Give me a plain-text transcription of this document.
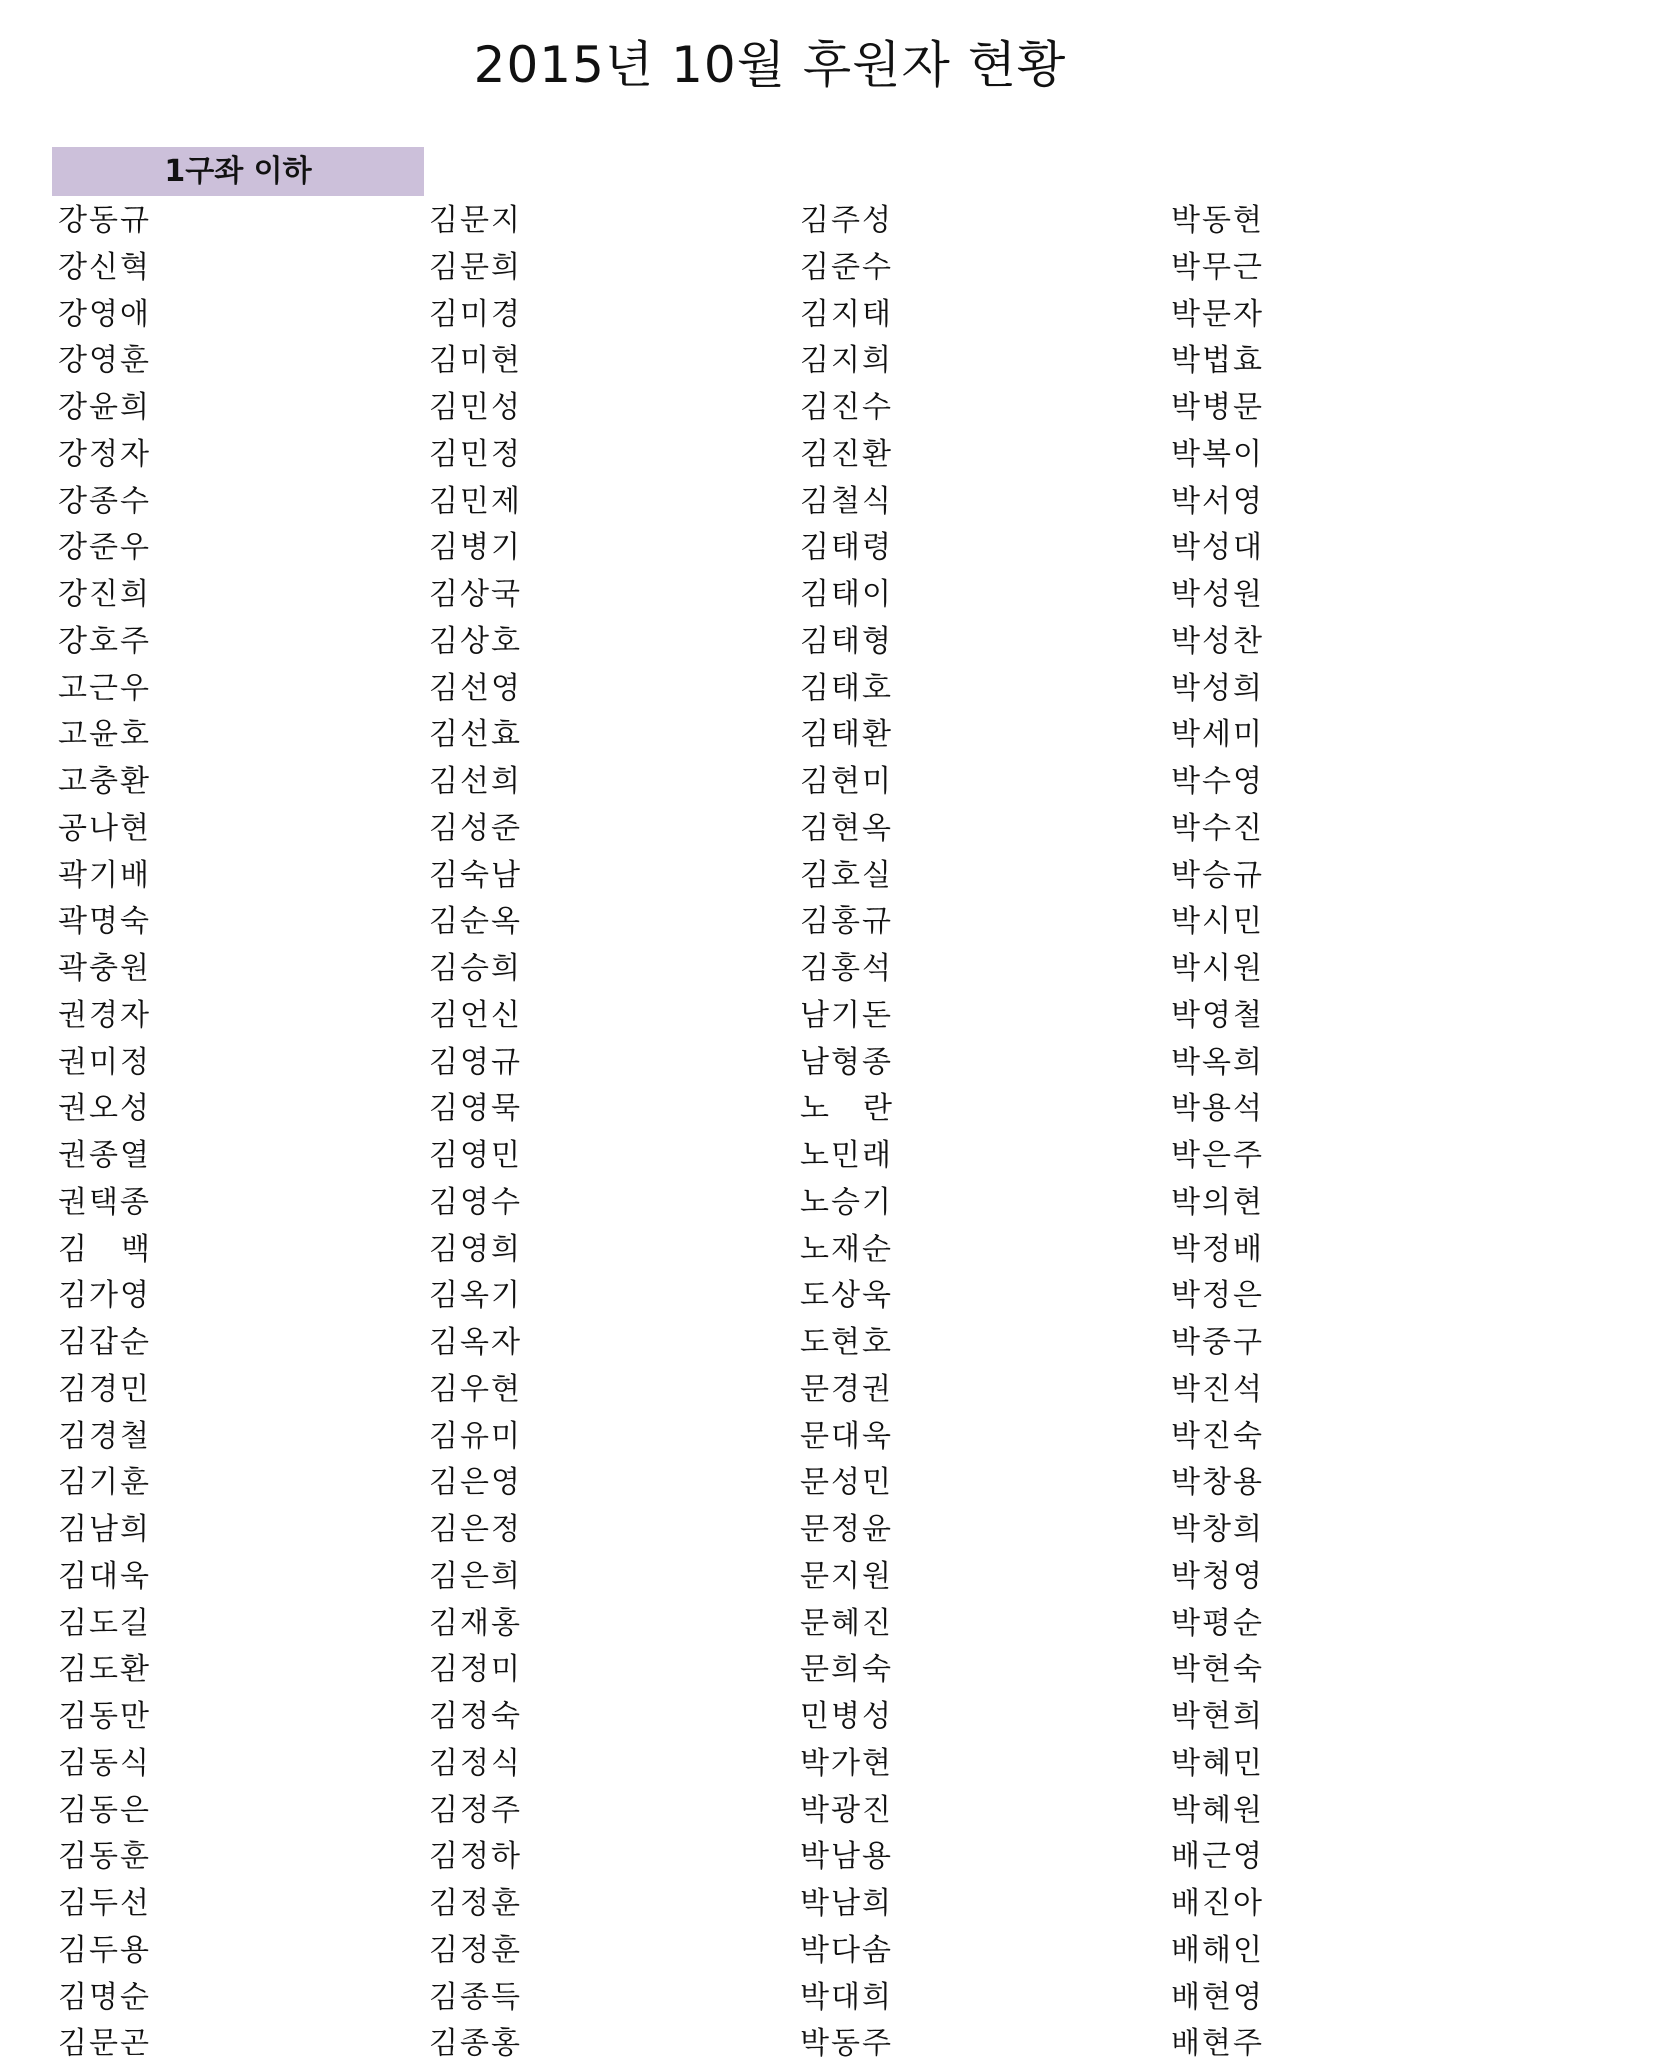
2015년 10월 후원자 현황
1구좌 이하
강동규	김문지	김주성	박동현
강신혁	김문희	김준수	박무근
강영애	김미경	김지태	박문자
강영훈	김미현	김지희	박법효
강윤희	김민성	김진수	박병문
강정자	김민정	김진환	박복이
강종수	김민제	김철식	박서영
강준우	김병기	김태령	박성대
강진희	김상국	김태이	박성원
강호주	김상호	김태형	박성찬
고근우	김선영	김태호	박성희
고윤호	김선효	김태환	박세미
고충환	김선희	김현미	박수영
공나현	김성준	김현옥	박수진
곽기배	김숙남	김호실	박승규
곽명숙	김순옥	김홍규	박시민
곽충원	김승희	김홍석	박시원
권경자	김언신	남기돈	박영철
권미정	김영규	남형종	박옥희
권오성	김영묵	노　란	박용석
권종열	김영민	노민래	박은주
권택종	김영수	노승기	박의현
김　백	김영희	노재순	박정배
김가영	김옥기	도상욱	박정은
김갑순	김옥자	도현호	박중구
김경민	김우현	문경권	박진석
김경철	김유미	문대욱	박진숙
김기훈	김은영	문성민	박창용
김남희	김은정	문정윤	박창희
김대욱	김은희	문지원	박청영
김도길	김재홍	문혜진	박평순
김도환	김정미	문희숙	박현숙
김동만	김정숙	민병성	박현희
김동식	김정식	박가현	박혜민
김동은	김정주	박광진	박혜원
김동훈	김정하	박남용	배근영
김두선	김정훈	박남희	배진아
김두용	김정훈	박다솜	배해인
김명순	김종득	박대희	배현영
김문곤	김종홍	박동주	배현주
